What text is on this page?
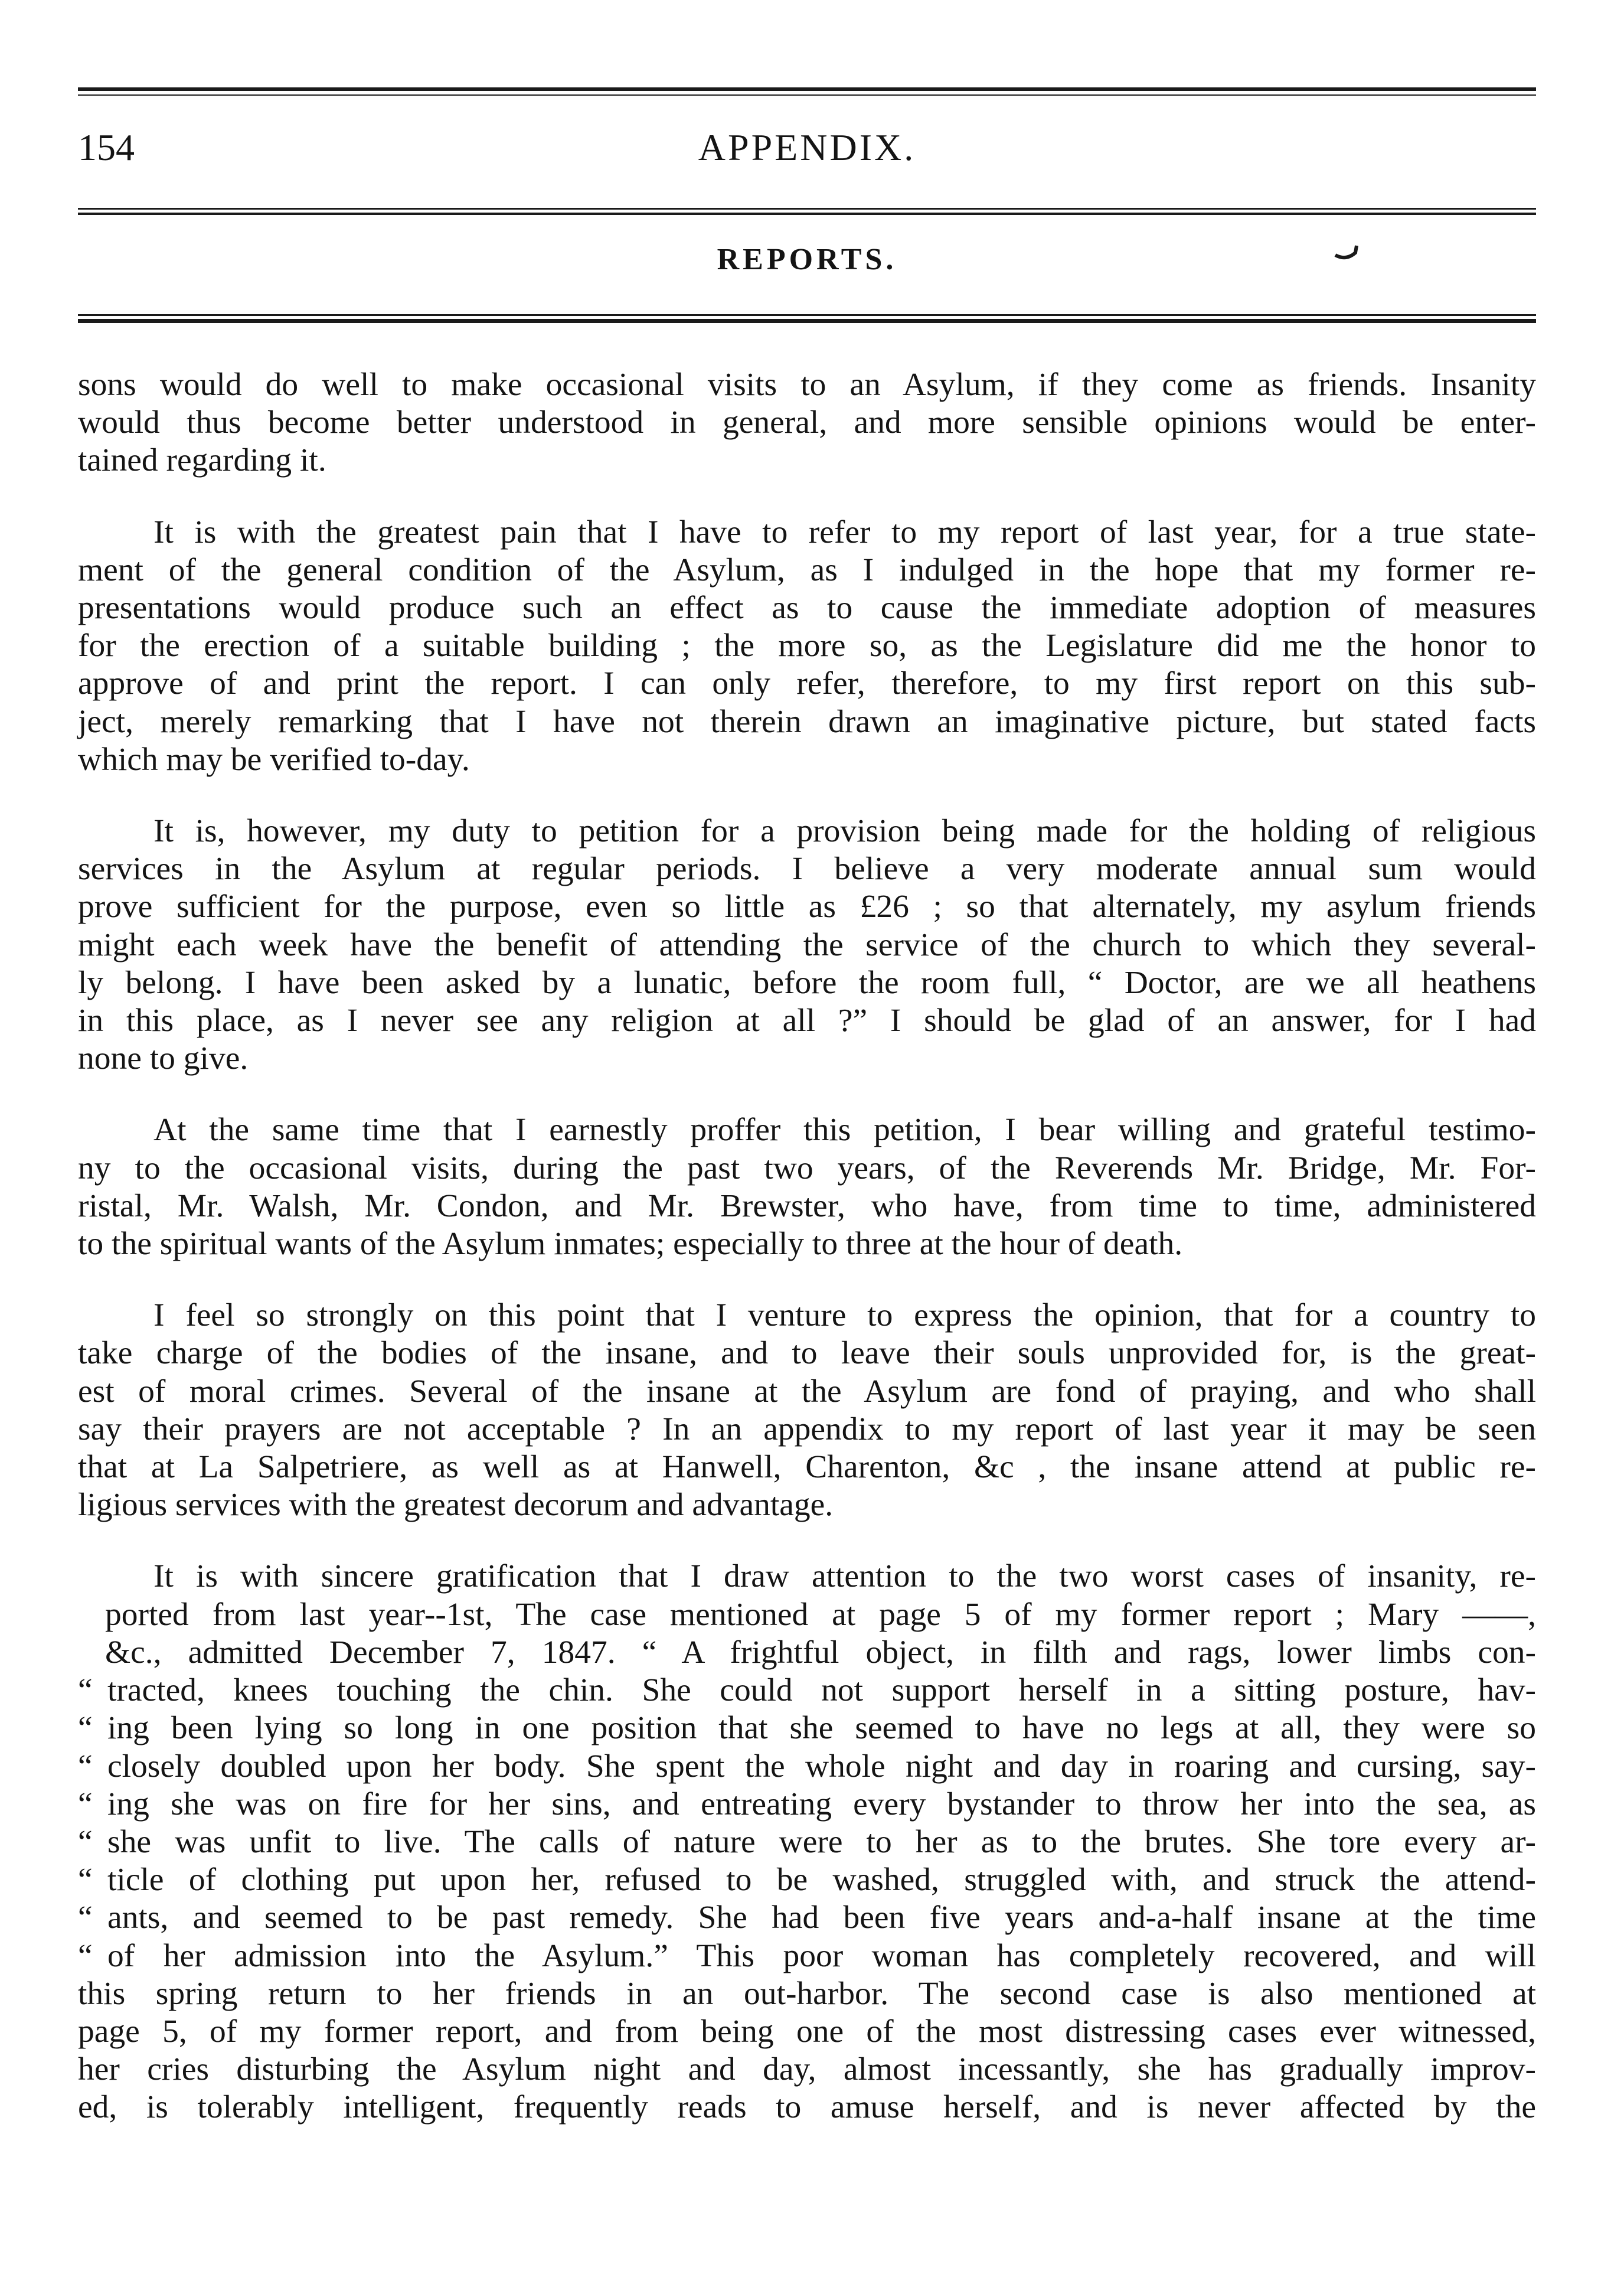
154	APPENDIX.
REPORTS.
sons would do well to make occasional visits to an Asylum, if they come as friends. Insanity
would thus become better understood in general, and more sensible opinions would be enter-
tained regarding it.
It is with the greatest pain that I have to refer to my report of last year, for a true state-
ment of the general condition of the Asylum, as I indulged in the hope that my former re-
presentations would produce such an effect as to cause the immediate adoption of measures
for the erection of a suitable building ; the more so, as the Legislature did me the honor to
approve of and print the report. I can only refer, therefore, to my first report on this sub-
ject, merely remarking that I have not therein drawn an imaginative picture, but stated facts
which may be verified to-day.
It is, however, my duty to petition for a provision being made for the holding of religious
services in the Asylum at regular periods. I believe a very moderate annual sum would
prove sufficient for the purpose, even so little as £26 ; so that alternately, my asylum friends
might each week have the benefit of attending the service of the church to which they several-
ly belong. I have been asked by a lunatic, before the room full, “ Doctor, are we all heathens
in this place, as I never see any religion at all ?” I should be glad of an answer, for I had
none to give.
At the same time that I earnestly proffer this petition, I bear willing and grateful testimo-
ny to the occasional visits, during the past two years, of the Reverends Mr. Bridge, Mr. For-
ristal, Mr. Walsh, Mr. Condon, and Mr. Brewster, who have, from time to time, administered
to the spiritual wants of the Asylum inmates; especially to three at the hour of death.
I feel so strongly on this point that I venture to express the opinion, that for a country to
take charge of the bodies of the insane, and to leave their souls unprovided for, is the great-
est of moral crimes. Several of the insane at the Asylum are fond of praying, and who shall
say their prayers are not acceptable ? In an appendix to my report of last year it may be seen
that at La Salpetriere, as well as at Hanwell, Charenton, &c , the insane attend at public re-
ligious services with the greatest decorum and advantage.
It is with sincere gratification that I draw attention to the two worst cases of insanity, re-
ported from last year--1st, The case mentioned at page 5 of my former report ; Mary ——,
&c., admitted December 7, 1847. “ A frightful object, in filth and rags, lower limbs con-
“ tracted, knees touching the chin. She could not support herself in a sitting posture, hav-
“ ing been lying so long in one position that she seemed to have no legs at all, they were so
“ closely doubled upon her body. She spent the whole night and day in roaring and cursing, say-
“ ing she was on fire for her sins, and entreating every bystander to throw her into the sea, as
“ she was unfit to live. The calls of nature were to her as to the brutes. She tore every ar-
“ ticle of clothing put upon her, refused to be washed, struggled with, and struck the attend-
“ ants, and seemed to be past remedy. She had been five years and-a-half insane at the time
“ of her admission into the Asylum.” This poor woman has completely recovered, and will
this spring return to her friends in an out-harbor. The second case is also mentioned at
page 5, of my former report, and from being one of the most distressing cases ever witnessed,
her cries disturbing the Asylum night and day, almost incessantly, she has gradually improv-
ed, is tolerably intelligent, frequently reads to amuse herself, and is never affected by the
